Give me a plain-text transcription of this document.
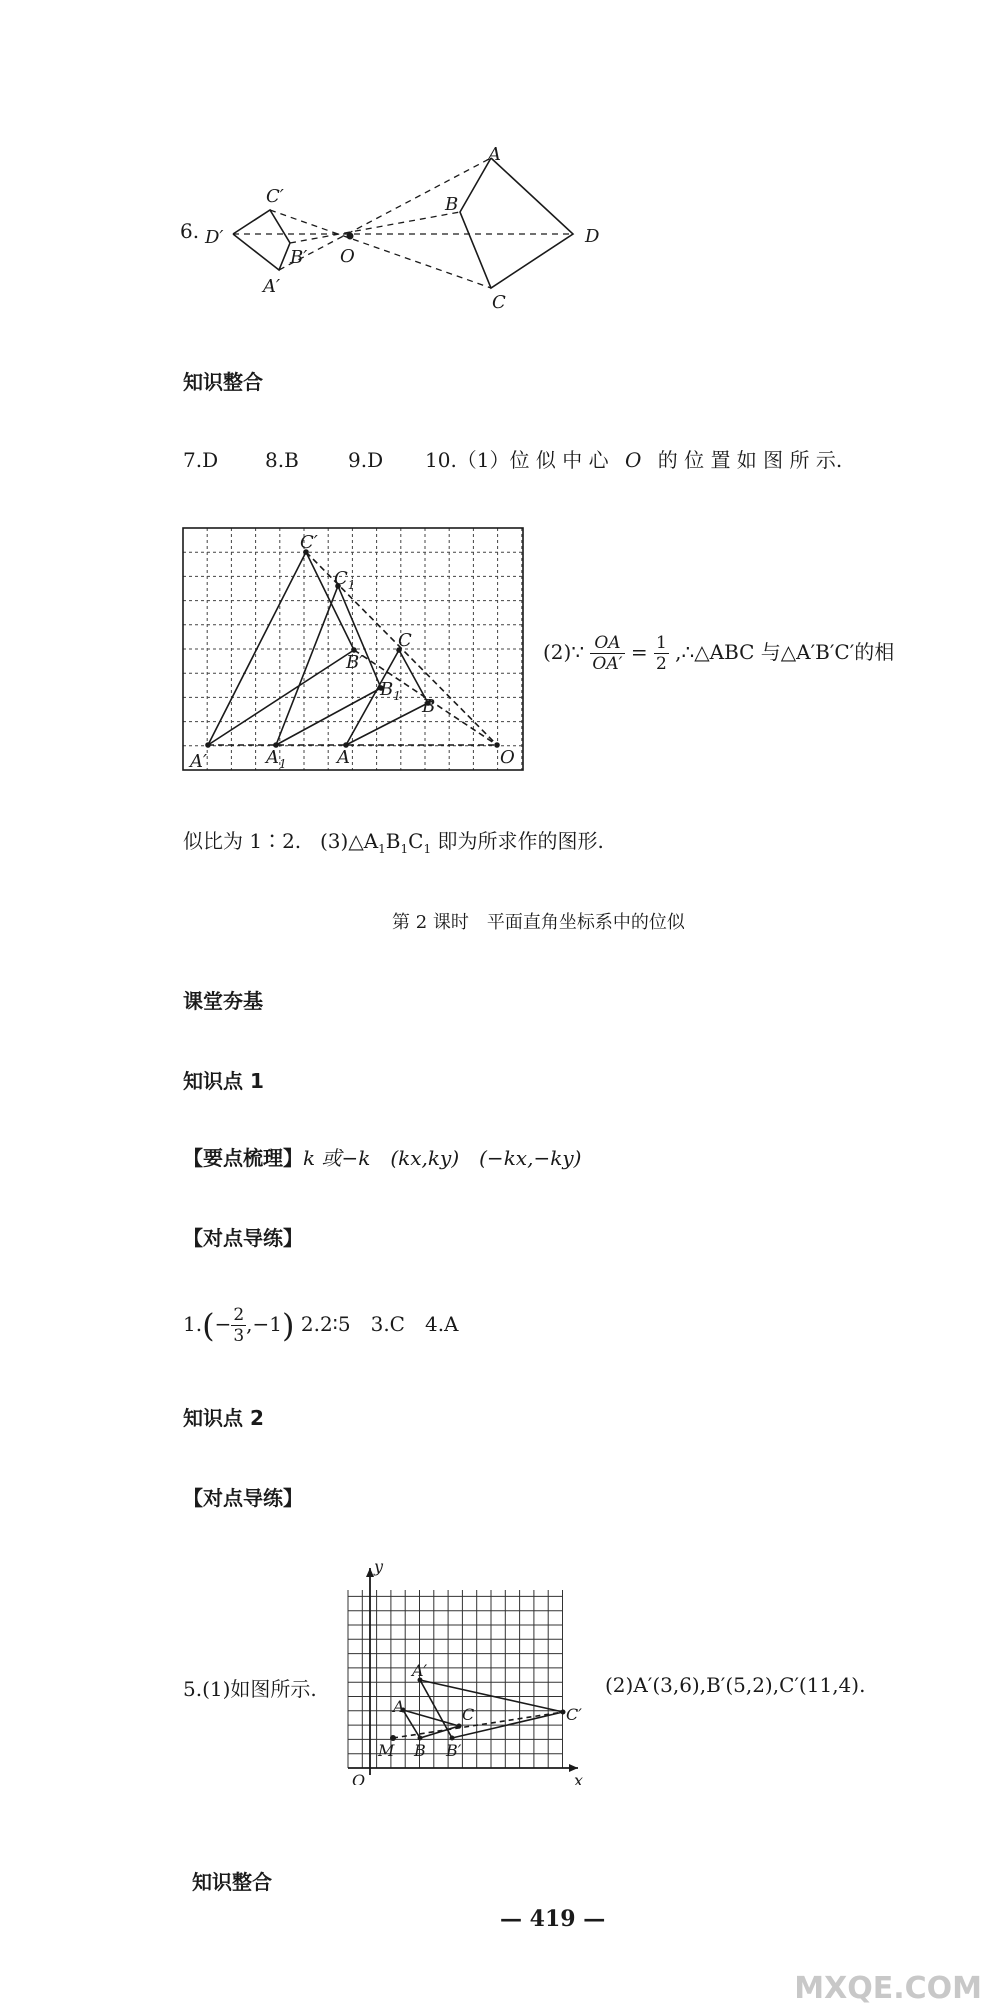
6.
A
B
C
D
O
C′
B′
A′
D′
知识整合
7.D 8.B 9.D 10.（1）位 似 中 心 O 的 位 置 如 图 所 示.
C′
$C_1$
C
B′
$B_1$ B
A′	$A_1$	A	O
(2)∵ $\frac{OA}{OA'} = \frac{1}{2}$ ,∴△ABC 与△A′B′C′的相
似比为 1∶2. $(3)\triangle A_1B_1C_1$ 即为所求作的图形.
第 2 课时　平面直角坐标系中的位似
课堂夯基
知识点 1
【要点梳理】k 或−k　(kx,ky)　(−kx,−ky)
【对点导练】
$1.(- \frac{2}{3} ,-1)$ 2.2∶5　3.C　4.A
知识点 2
【对点导练】
5.(1)如图所示.	(2)A′(3,6),B′(5,2),C′(11,4).
y
x
O
A′
A	C	C′
M B B′
知识整合
— 419 —
MXQE.COM
